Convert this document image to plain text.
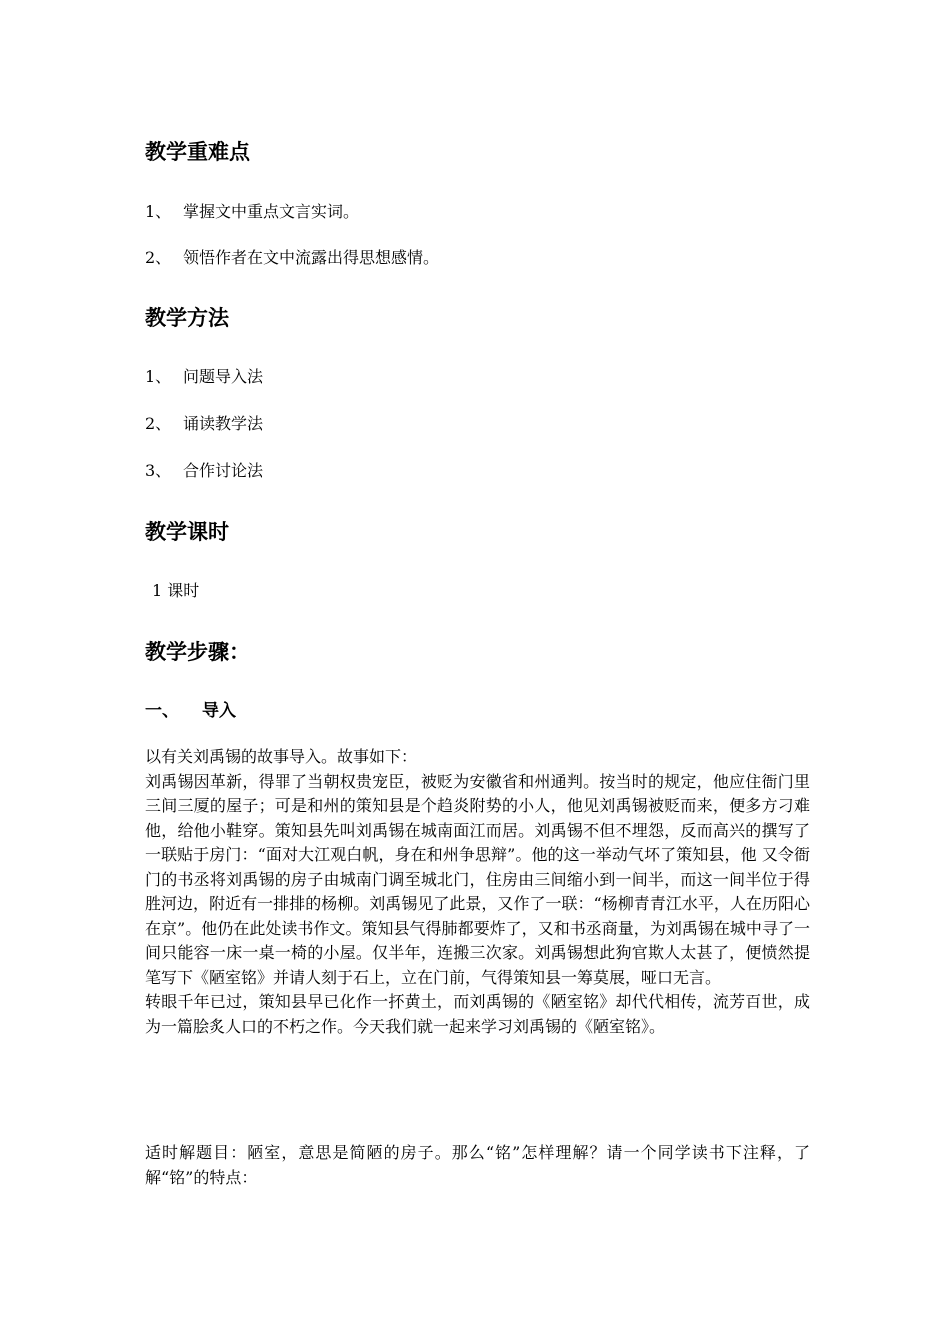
教学重难点
1、 掌握文中重点文言实词。
2、 领悟作者在文中流露出得思想感情。
教学方法
1、 问题导入法
2、 诵读教学法
3、 合作讨论法
教学课时
1 课时
教学步骤：
一、 导入

以有关刘禹锡的故事导入。故事如下：

刘禹锡因革新，得罪了当朝权贵宠臣，被贬为安徽省和州通判。按当时的规定，他应住衙门里三间三厦的屋子；可是和州的策知县是个趋炎附势的小人，他见刘禹锡被贬而来，便多方刁难他，给他小鞋穿。策知县先叫刘禹锡在城南面江而居。刘禹锡不但不埋怨，反而高兴的撰写了一联贴于房门：“面对大江观白帆，身在和州争思辩”。他的这一举动气坏了策知县，他 又令衙门的书丞将刘禹锡的房子由城南门调至城北门，住房由三间缩小到一间半，而这一间半位于得胜河边，附近有一排排的杨柳。刘禹锡见了此景，又作了一联：“杨柳青青江水平，人在历阳心在京”。他仍在此处读书作文。策知县气得肺都要炸了，又和书丞商量，为刘禹锡在城中寻了一间只能容一床一桌一椅的小屋。仅半年，连搬三次家。刘禹锡想此狗官欺人太甚了，便愤然提笔写下《陋室铭》并请人刻于石上，立在门前，气得策知县一筹莫展，哑口无言。

转眼千年已过，策知县早已化作一抔黄土，而刘禹锡的《陋室铭》却代代相传，流芳百世，成为一篇脍炙人口的不朽之作。今天我们就一起来学习刘禹锡的《陋室铭》。

适时解题目：陋室，意思是简陋的房子。那么“铭”怎样理解？请一个同学读书下注释，了解“铭”的特点：
